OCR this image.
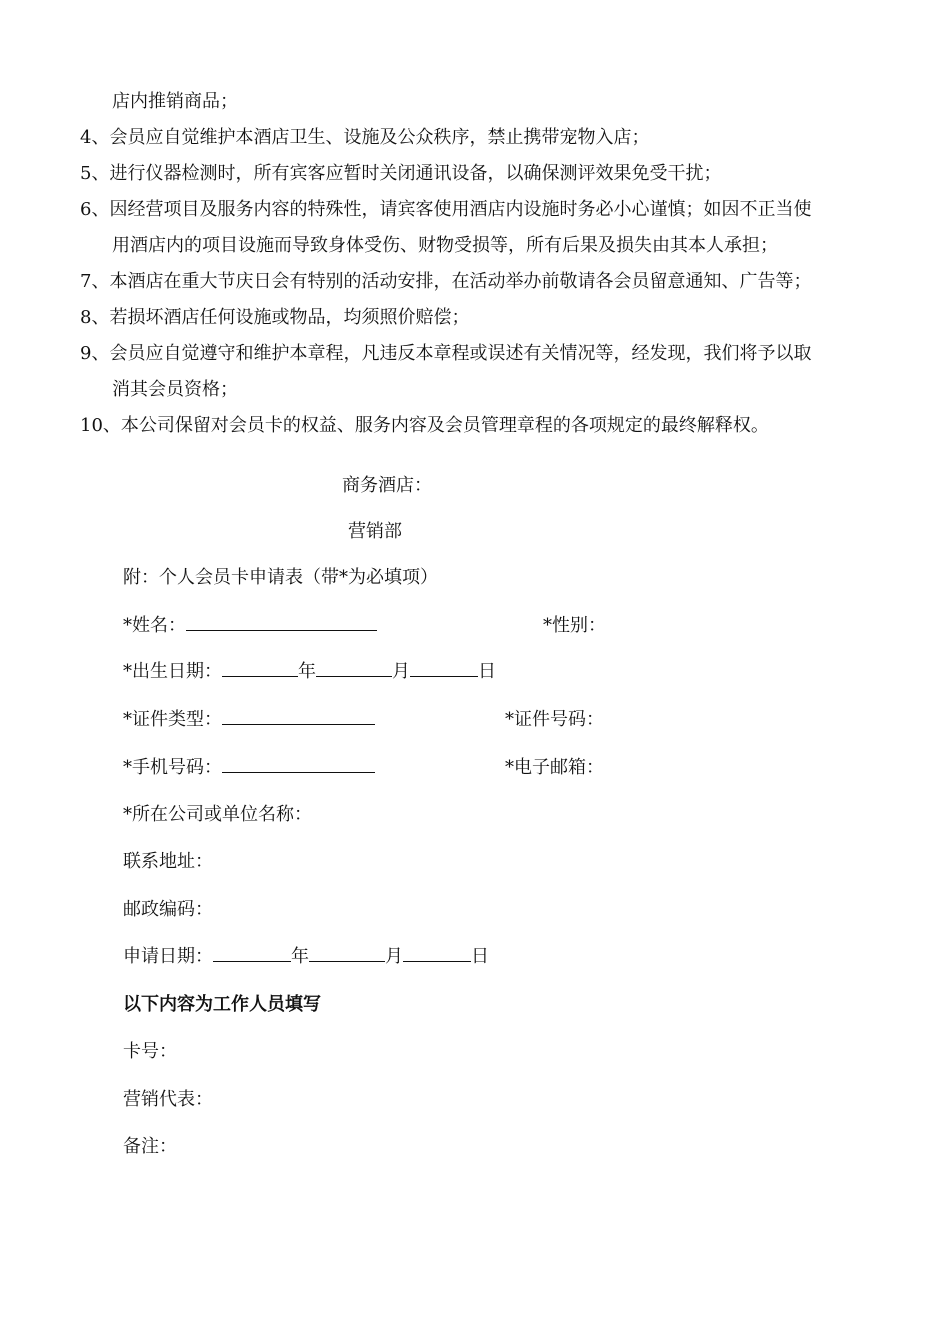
店内推销商品；
4、会员应自觉维护本酒店卫生、设施及公众秩序，禁止携带宠物入店；
5、进行仪器检测时，所有宾客应暂时关闭通讯设备，以确保测评效果免受干扰；
6、因经营项目及服务内容的特殊性，请宾客使用酒店内设施时务必小心谨慎；如因不正当使
用酒店内的项目设施而导致身体受伤、财物受损等，所有后果及损失由其本人承担；
7、本酒店在重大节庆日会有特别的活动安排，在活动举办前敬请各会员留意通知、广告等；
8、若损坏酒店任何设施或物品，均须照价赔偿；
9、会员应自觉遵守和维护本章程，凡违反本章程或误述有关情况等，经发现，我们将予以取
消其会员资格；
10、本公司保留对会员卡的权益、服务内容及会员管理章程的各项规定的最终解释权。
商务酒店：
营销部
附：个人会员卡申请表（带*为必填项）
*姓名：	*性别：
*出生日期：	年	月	日
*证件类型：	*证件号码：
*手机号码：	*电子邮箱：
*所在公司或单位名称：
联系地址：
邮政编码：
申请日期：	年	月	日
以下内容为工作人员填写
卡号：
营销代表：
备注：
